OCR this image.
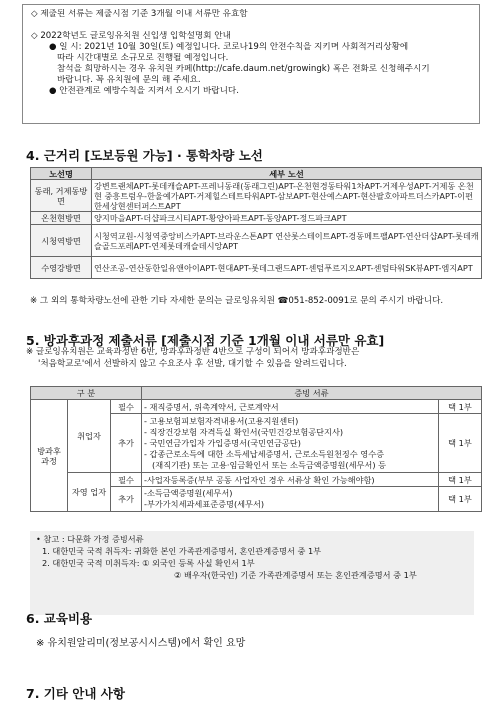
◇ 제출된 서류는 제출시점 기준 3개월 이내 서류만 유효함

◇ 2022학년도 글로잉유치원 신입생 입학설명회 안내
● 일 시: 2021년 10월 30일(토) 예정입니다. 코로나19의 안전수칙을 지키며 사회적거리상황에
따라 시간대별로 소규모로 진행될 예정입니다.
참석을 희망하시는 경우 유치원 카페(http://cafe.daum.net/growingk) 혹은 전화로 신청해주시기
바랍니다. 꼭 유치원에 문의 해 주세요.
● 안전관계로 예방수칙을 지켜서 오시기 바랍니다.
4. 근거리 [도보등원 가능] · 통학차량 노선
노선명	세부 노선
동래, 거제동방면	강변트랜체APT-롯데캐슬APT-프레니동래(동래그린)APT-온천현경동타워1차APT-거제우성APT-거제동 온천현 중흥트럼우-한울예가APT-거제힐스테트타워APT-삼보APT-현산예스APT-현산팔호아파트더스카APT-이편한세상현센터퍼스트APT
온천현방면	양지마을APT-더샵파크시티APT-황양아파트APT-동양APT-정드파크APT
시청역방면	시청역교원-시청역중앙비스카APT-브라운스톤APT 연산롯스테이트APT-경동메트팰APT-연산더샵APT-롯데캐슬골드포레APT-연제롯데캐슬데시앙APT
수영강방면	연산조공-연산동한일유앤아이APT-현대APT-롯데그랜드APT-센텀푸르지오APT-센텀타워SK뷰APT-엠지APT
※ 그 외의 통학차량노선에 관한 기타 자세한 문의는 글로잉유치원 ☎051-852-0091로 문의 주시기 바랍니다.
5. 방과후과정 제출서류 [제출시점 기준 1개월 이내 서류만 유효]
※ 글로잉유치원은 교육과정반 6반, 방과후과정반 4반으로 구성이 되어서 방과후과정반은
'처음학교로'에서 선발하지 않고 수요조사 후 선발, 대기할 수 있음을 알려드립니다.
구 분			증빙 서류	
방과후 과정	취업자	필수	- 재직증명서, 위촉계약서, 근로계약서	택 1부
		추가	- 고용보험피보험자격내용서(고용지원센터)
- 직장건강보험 자격득실 확인서(국민건강보험공단지사)
- 국민연금가입자 가입증명서(국민연금공단)
- 갑종근로소득에 대한 소득세납세증명서, 근로소득원천징수 영수증
(재직기관) 또는 고용·임금확인서 또는 소득금액증명원(세무서) 등	택 1부
	자영 업자	필수	-사업자등록증(부부 공동 사업자인 경우 서류상 확인 가능해야함)	택 1부
		추가	-소득금액증명원(세무서)
-부가가치세과세표준증명(세무서)	택 1부
• 참고 : 다문화 가정 증빙서류
1. 대한민국 국적 취득자: 귀화한 본인 가족관계증명서, 혼인관계증명서 중 1부
2. 대한민국 국적 미취득자: ① 외국인 등록 사실 확인서 1부
② 배우자(한국인) 기준 가족관계증명서 또는 혼인관계증명서 중 1부
6. 교육비용
※ 유치원알리미(정보공시시스템)에서 확인 요망
7. 기타 안내 사항
